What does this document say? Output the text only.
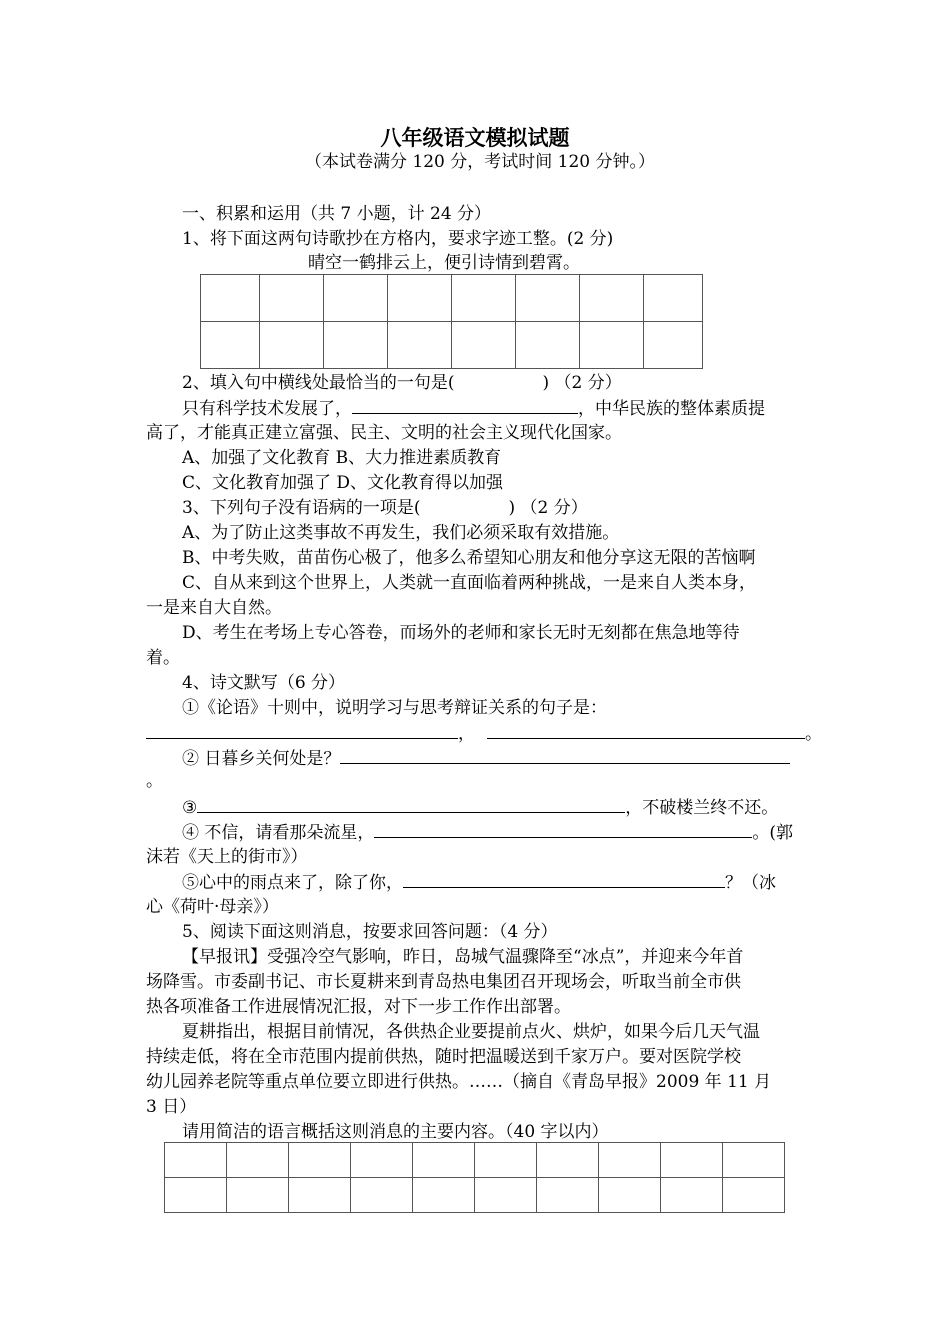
八年级语文模拟试题
（本试卷满分 120 分，考试时间 120 分钟。）
一、积累和运用（共 7 小题，计 24 分）
1、将下面这两句诗歌抄在方格内，要求字迹工整。(2 分)
晴空一鹤排云上，便引诗情到碧霄。

2、填入句中横线处最恰当的一句是(	) （2 分）
只有科学技术发展了，	，中华民族的整体素质提
高了，才能真正建立富强、民主、文明的社会主义现代化国家。
A、加强了文化教育 B、大力推进素质教育
C、文化教育加强了 D、文化教育得以加强
3、下列句子没有语病的一项是(	) （2 分）
A、为了防止这类事故不再发生，我们必须采取有效措施。
B、中考失败，苗苗伤心极了，他多么希望知心朋友和他分享这无限的苦恼啊
C、自从来到这个世界上，人类就一直面临着两种挑战，一是来自人类本身，
一是来自大自然。
D、考生在考场上专心答卷，而场外的老师和家长无时无刻都在焦急地等待
着。
4、诗文默写（6 分）
①《论语》十则中，说明学习与思考辩证关系的句子是：
，	。
② 日暮乡关何处是？
。
③	，不破楼兰终不还。
④ 不信，请看那朵流星，	。(郭
沫若《天上的街市》）
⑤心中的雨点来了，除了你，	？（冰
心《荷叶·母亲》）
5、阅读下面这则消息，按要求回答问题：（4 分）
【早报讯】受强冷空气影响，昨日，岛城气温骤降至“冰点”，并迎来今年首
场降雪。市委副书记、市长夏耕来到青岛热电集团召开现场会，听取当前全市供
热各项准备工作进展情况汇报，对下一步工作作出部署。
夏耕指出，根据目前情况，各供热企业要提前点火、烘炉，如果今后几天气温
持续走低，将在全市范围内提前供热，随时把温暖送到千家万户。要对医院学校
幼儿园养老院等重点单位要立即进行供热。……（摘自《青岛早报》2009 年 11 月
3 日）
请用简洁的语言概括这则消息的主要内容。（40 字以内）
